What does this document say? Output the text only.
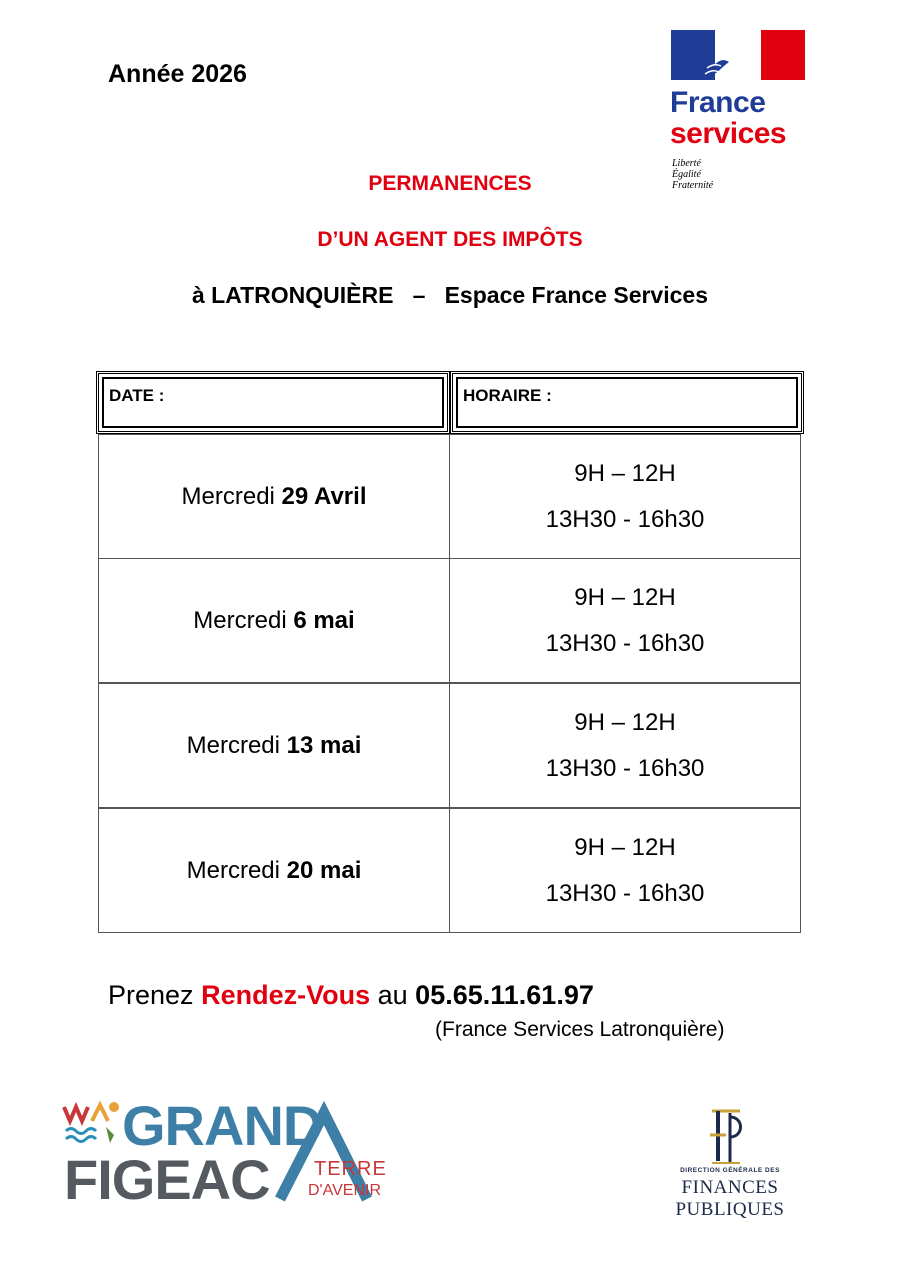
Année 2026
France
services
Liberté
Égalité
Fraternité
PERMANENCES
D’UN AGENT DES IMPÔTS
à LATRONQUIÈRE   –   Espace France Services
DATE :	HORAIRE :
Mercredi 29 Avril
9H – 12H
13H30 - 16h30
Mercredi 6 mai
9H – 12H
13H30 - 16h30
Mercredi 13 mai
9H – 12H
13H30 - 16h30
Mercredi 20 mai
9H – 12H
13H30 - 16h30
Prenez Rendez-Vous au 05.65.11.61.97
(France Services Latronquière)
GRAND
FIGEAC TERRE
D'AVENIR
DIRECTION GÉNÉRALE DES
FINANCES PUBLIQUES
